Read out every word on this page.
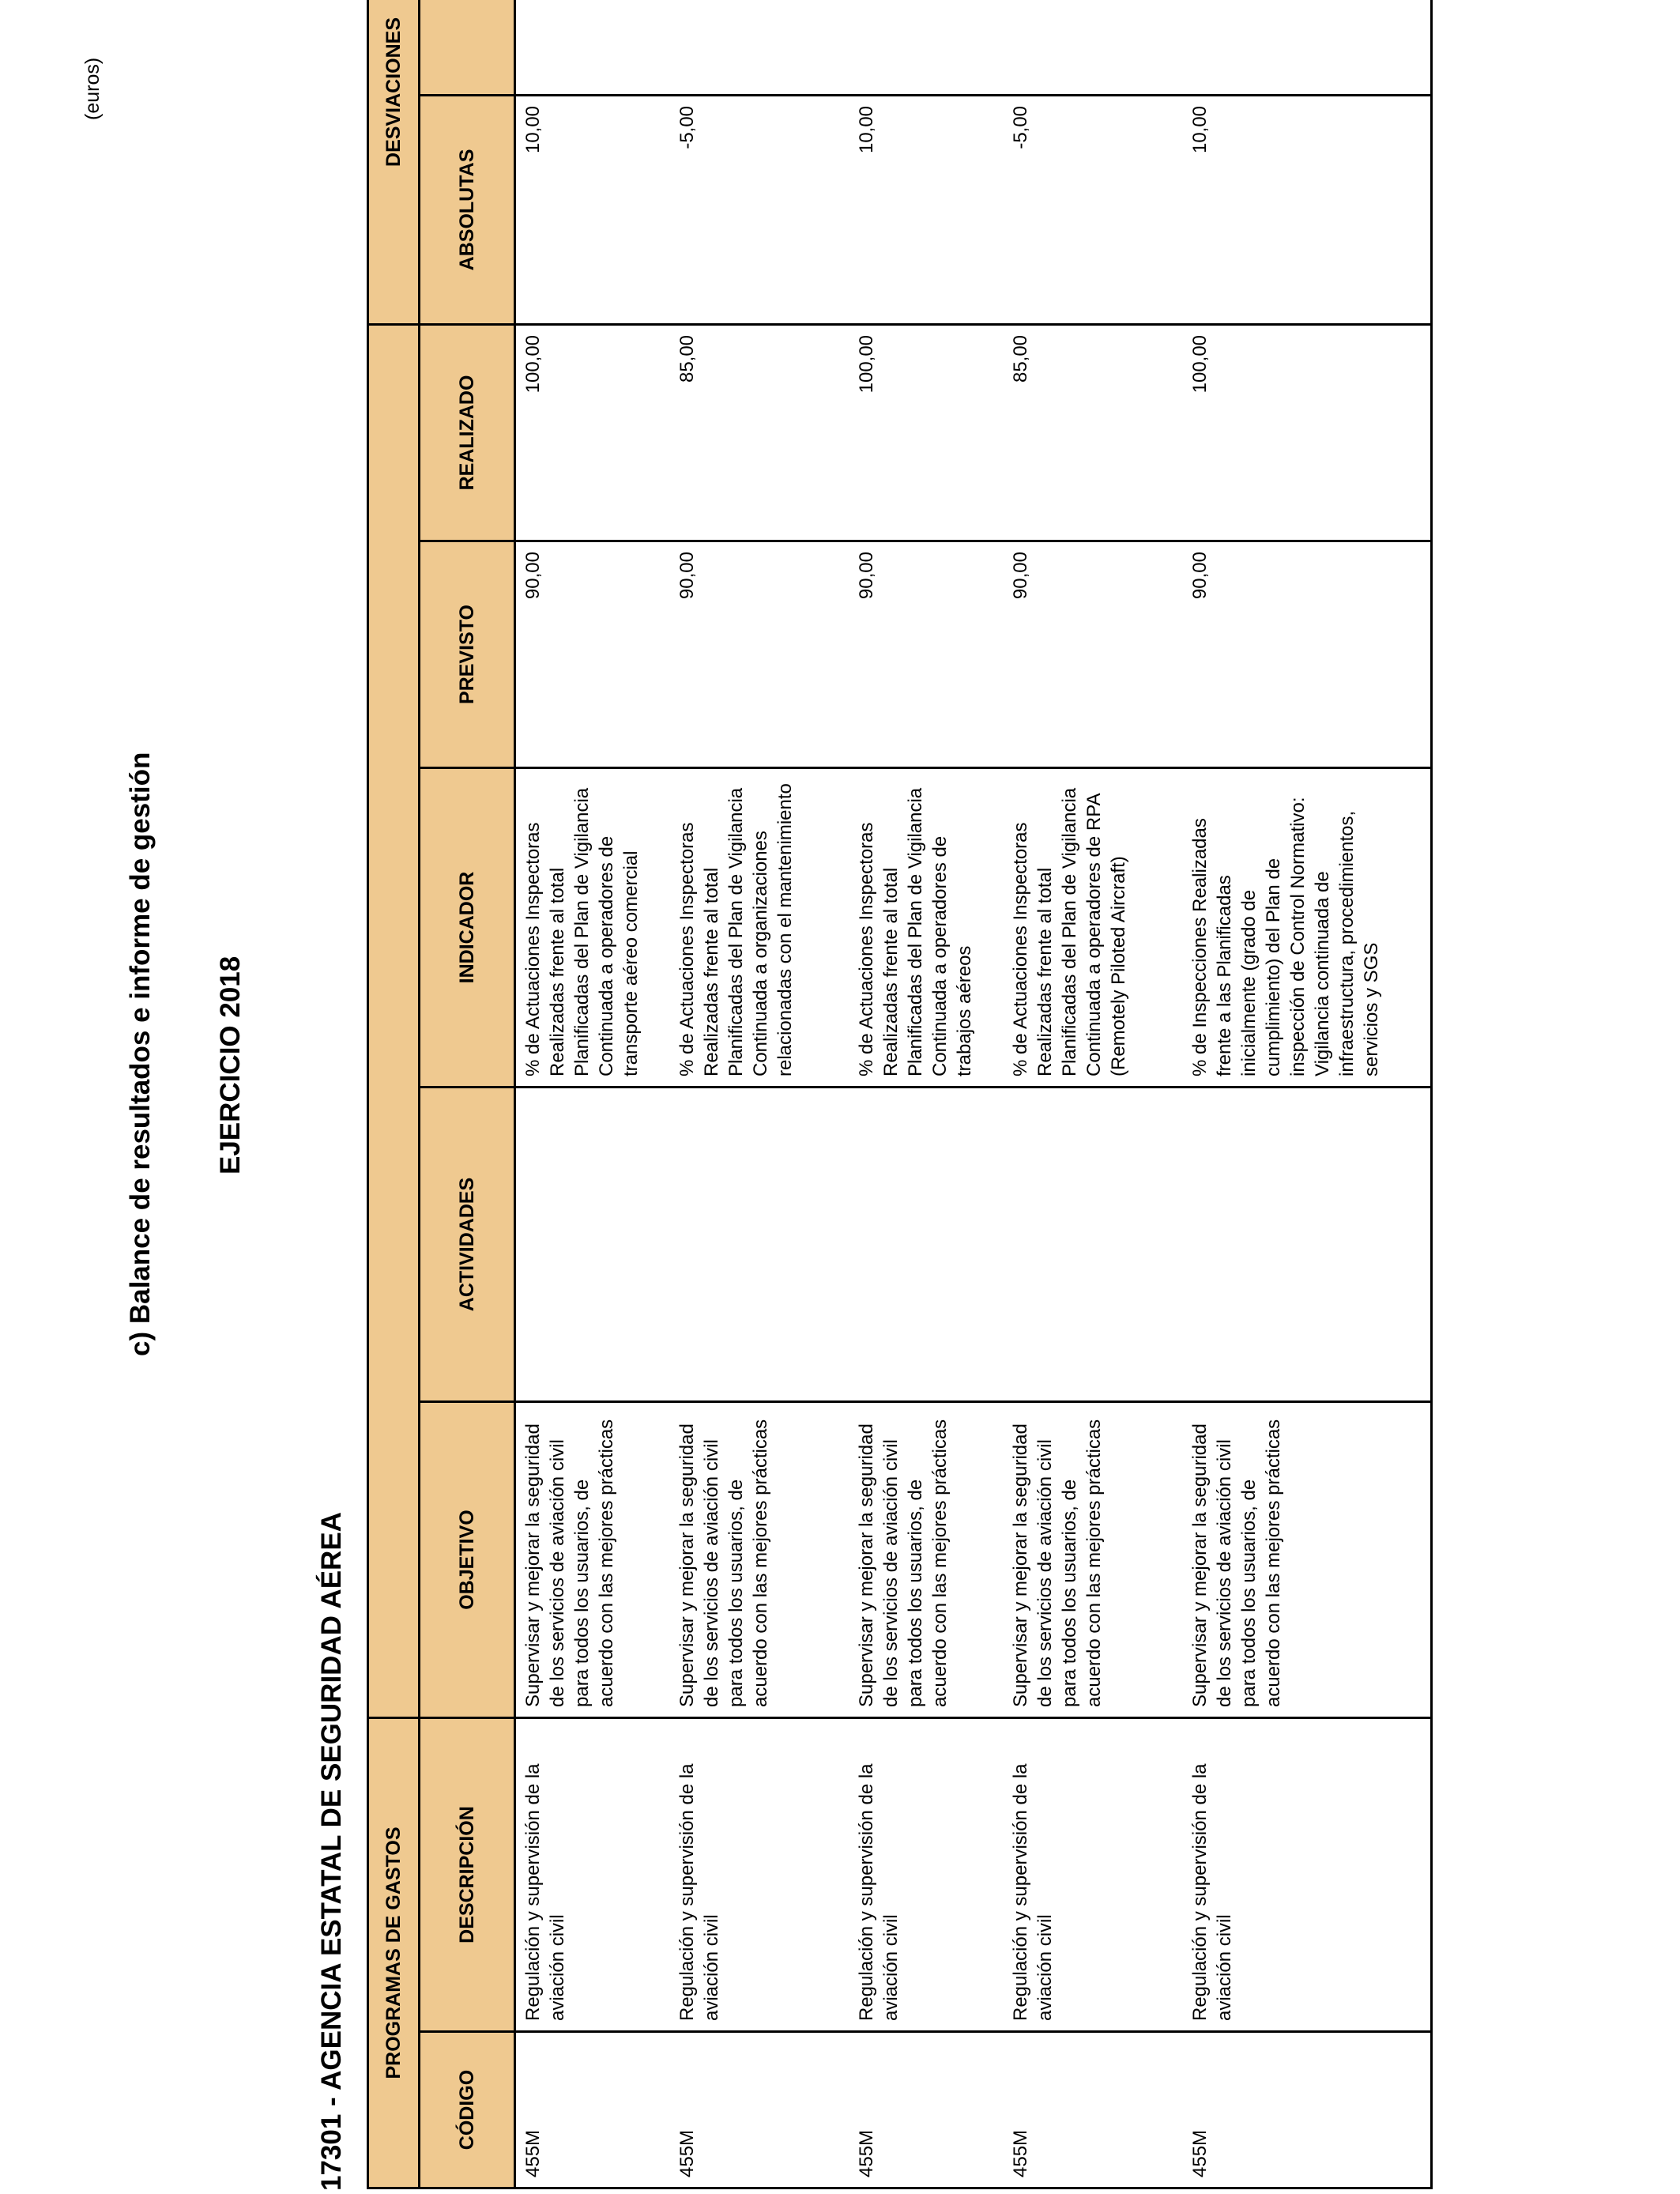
c) Balance de resultados e informe de gestión EJERCICIO 2018
17301 - AGENCIA ESTATAL DE SEGURIDAD AÉREA
(euros)
PROGRAMAS DE GASTOS							DESVIACIONES	
CÓDIGO	DESCRIPCIÓN	OBJETIVO	ACTIVIDADES	INDICADOR	PREVISTO	REALIZADO	ABSOLUTAS	
455M	Regulación y supervisión de la aviación civil	Supervisar y mejorar la seguridad de los servicios de aviación civil para todos los usuarios, de acuerdo con las mejores prácticas		% de Actuaciones Inspectoras Realizadas frente al total Planificadas del Plan de Vigilancia Continuada a operadores de transporte aéreo comercial	90,00	100,00	10,00	
455M	Regulación y supervisión de la aviación civil	Supervisar y mejorar la seguridad de los servicios de aviación civil para todos los usuarios, de acuerdo con las mejores prácticas		% de Actuaciones Inspectoras Realizadas frente al total Planificadas del Plan de Vigilancia Continuada a organizaciones relacionadas con el mantenimiento	90,00	85,00	-5,00	
455M	Regulación y supervisión de la aviación civil	Supervisar y mejorar la seguridad de los servicios de aviación civil para todos los usuarios, de acuerdo con las mejores prácticas		% de Actuaciones Inspectoras Realizadas frente al total Planificadas del Plan de Vigilancia Continuada a operadores de trabajos aéreos	90,00	100,00	10,00	
455M	Regulación y supervisión de la aviación civil	Supervisar y mejorar la seguridad de los servicios de aviación civil para todos los usuarios, de acuerdo con las mejores prácticas		% de Actuaciones Inspectoras Realizadas frente al total Planificadas del Plan de Vigilancia Continuada a operadores de RPA (Remotely Piloted Aircraft)	90,00	85,00	-5,00	
455M	Regulación y supervisión de la aviación civil	Supervisar y mejorar la seguridad de los servicios de aviación civil para todos los usuarios, de acuerdo con las mejores prácticas		% de Inspecciones Realizadas frente a las Planificadas inicialmente (grado de cumplimiento) del Plan de inspección de Control Normativo: Vigilancia continuada de infraestructura, procedimientos, servicios y SGS	90,00	100,00	10,00	
